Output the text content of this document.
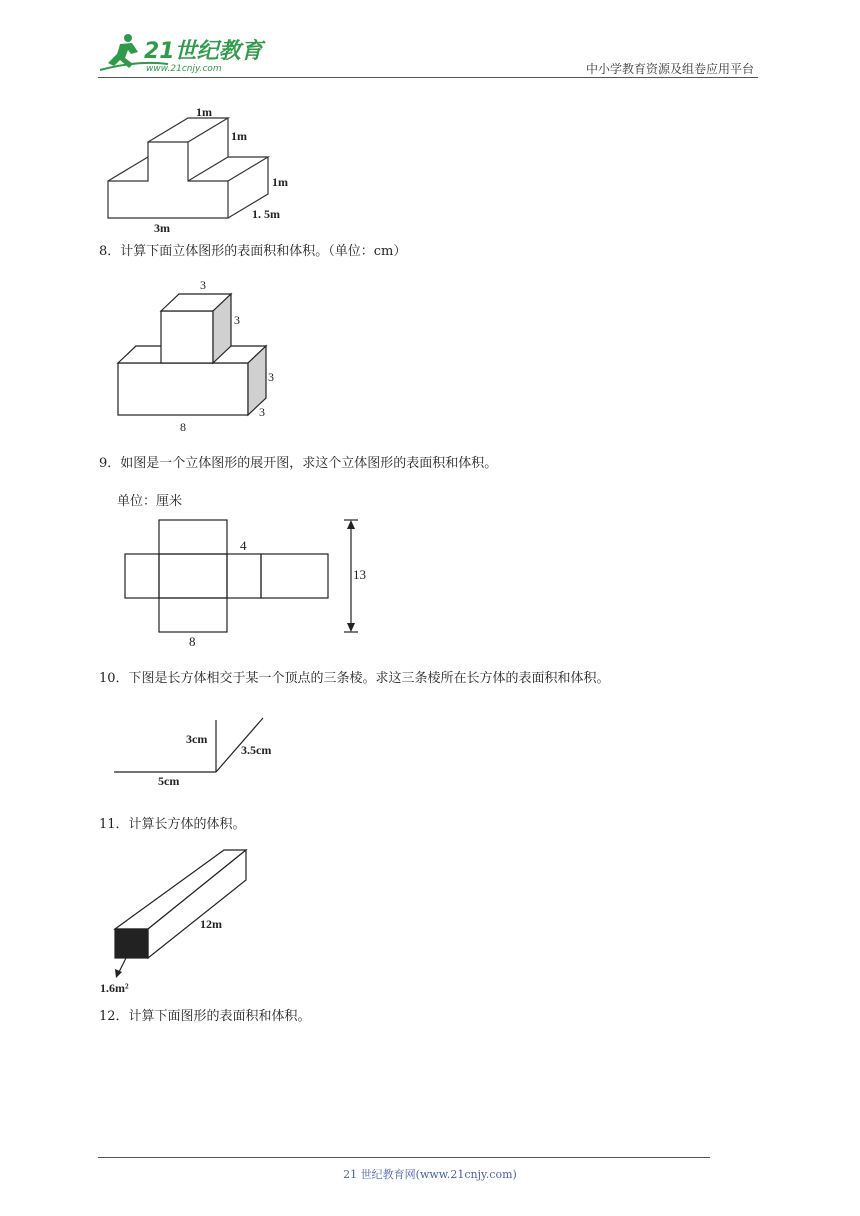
21世纪教育
www.21cnjy.com	中小学教育资源及组卷应用平台
1m
1m
1m
3m
1. 5m
8．计算下面立体图形的表面积和体积。（单位：cm）
3
3
3
3
8
9．如图是一个立体图形的展开图，求这个立体图形的表面积和体积。
单位：厘米
4
13
8
10．下图是长方体相交于某一个顶点的三条棱。求这三条棱所在长方体的表面积和体积。
3cm
3.5cm
5cm
11．计算长方体的体积。
12m
1.6m²
12．计算下面图形的表面积和体积。
21 世纪教育网(www.21cnjy.com)
